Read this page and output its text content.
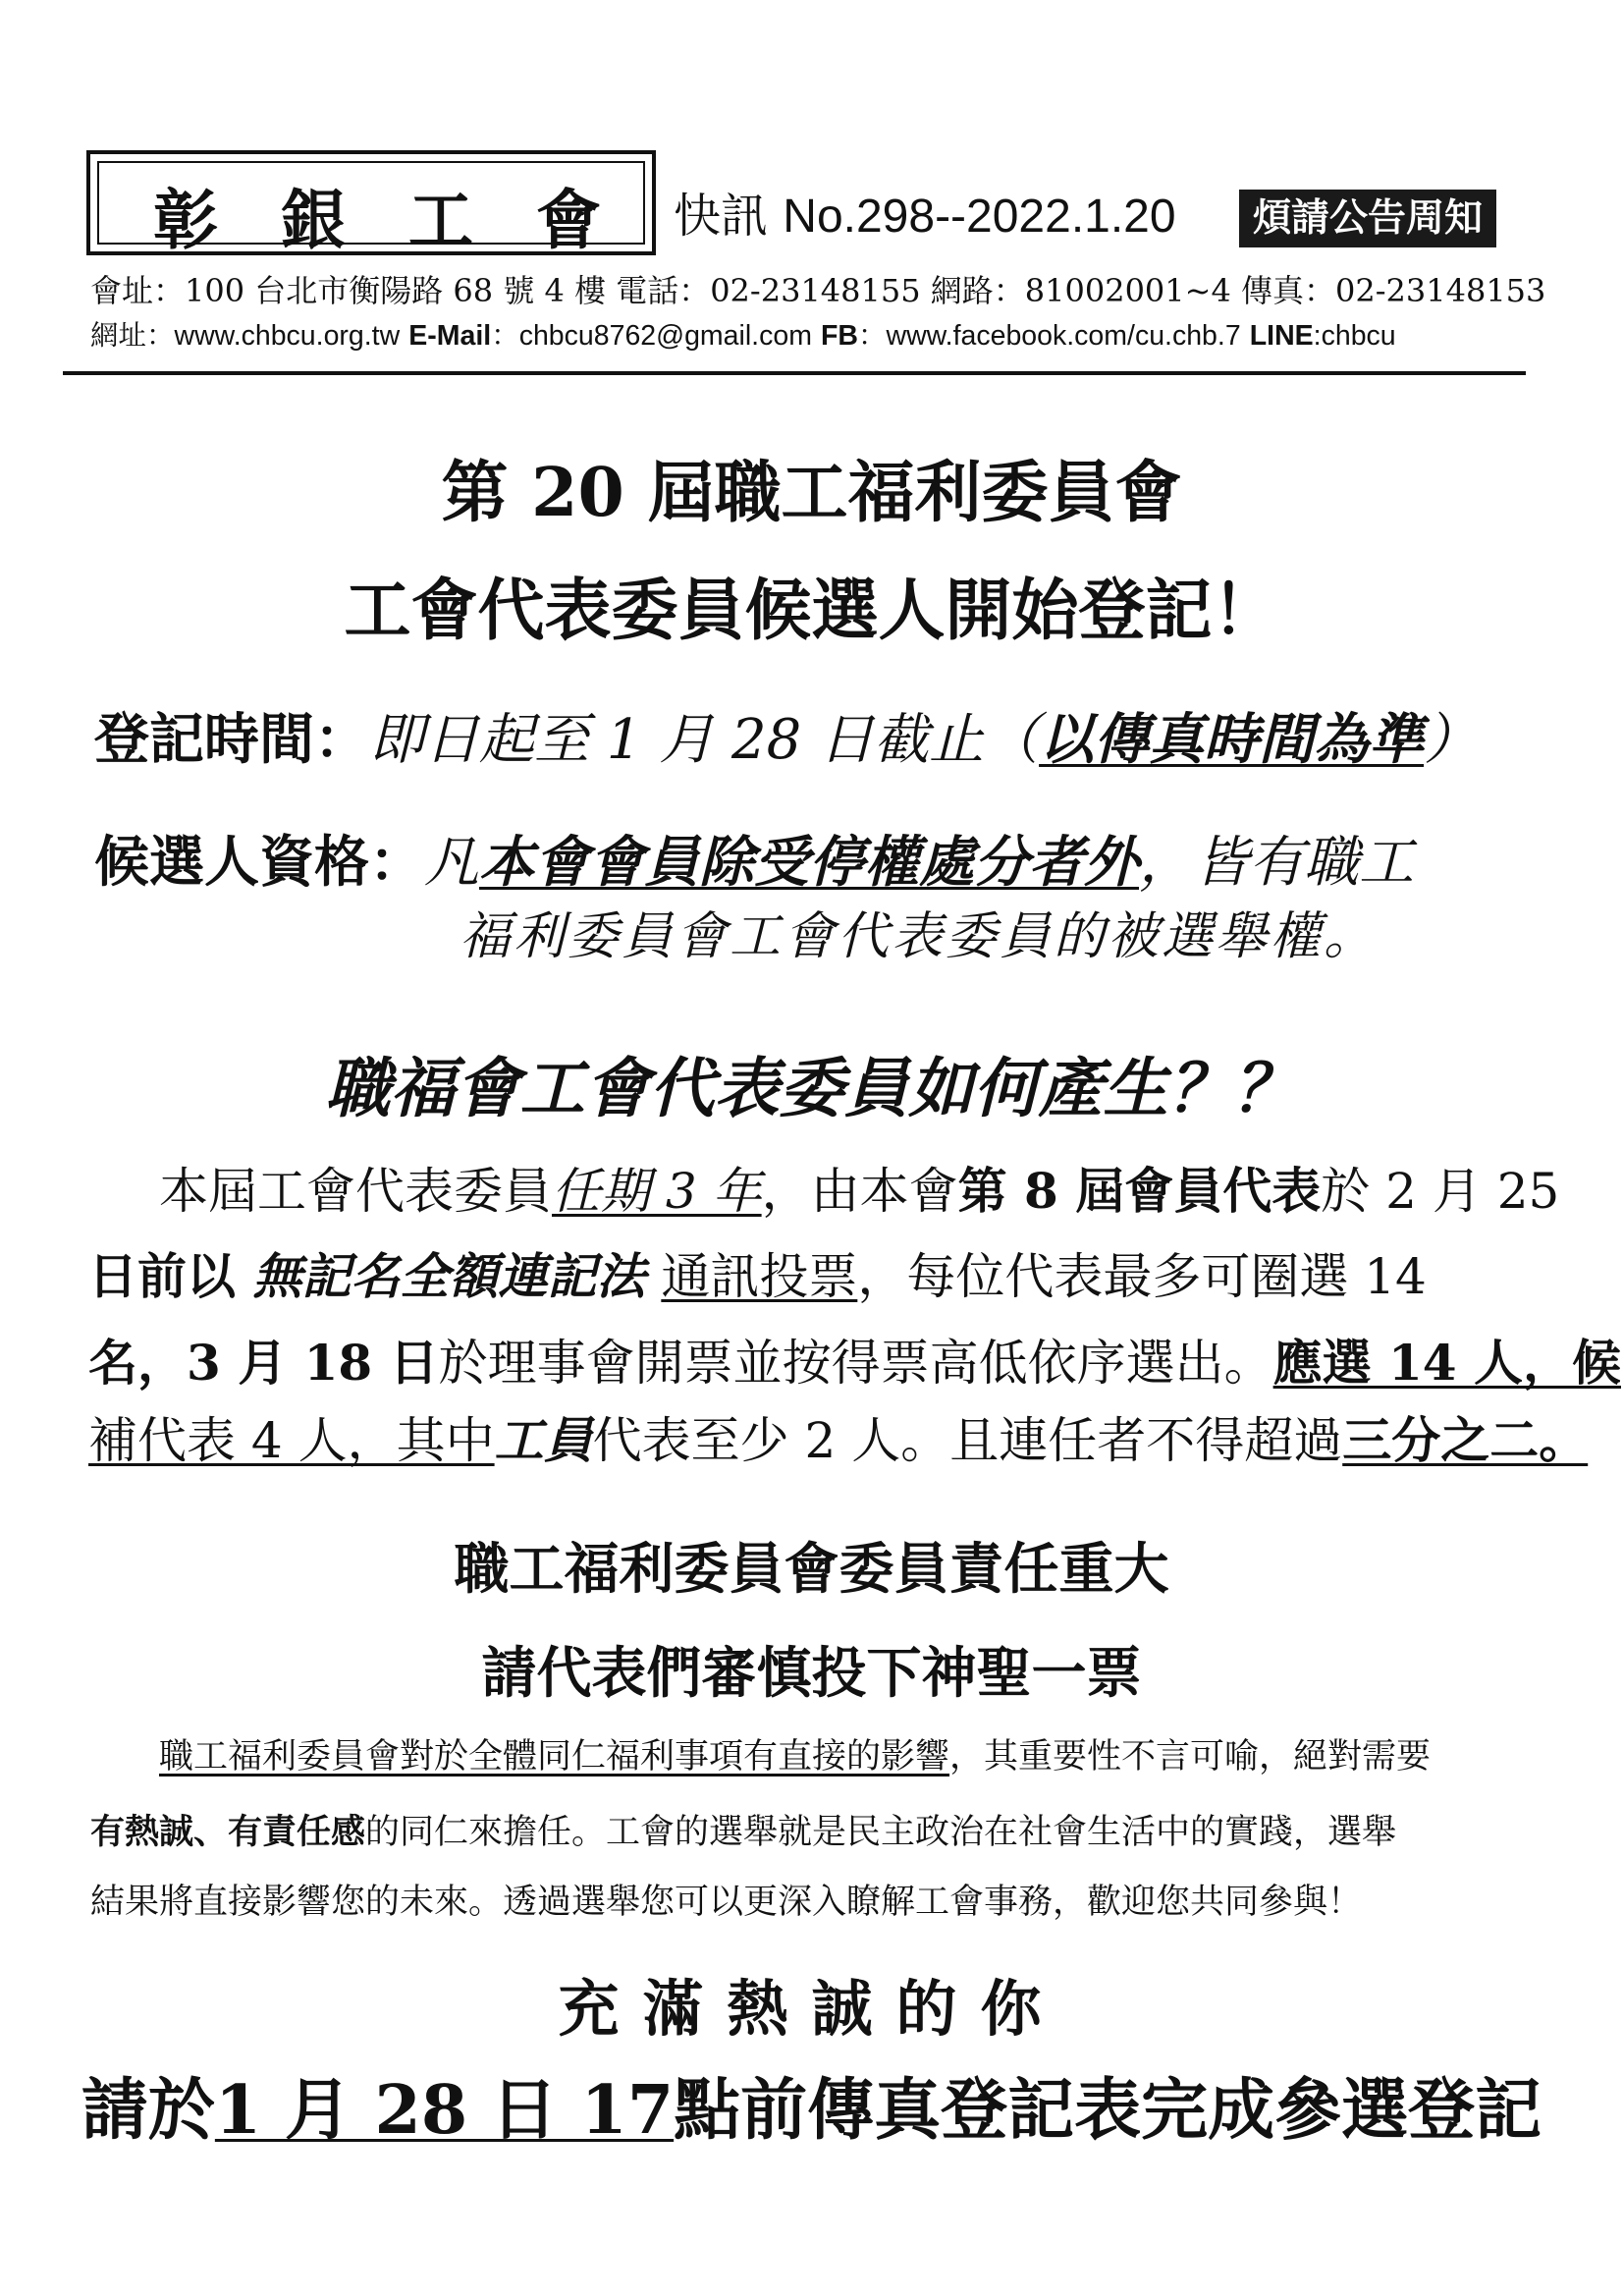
彰銀工會 快訊 No.298--2022.1.20	煩請公告周知
會址：100 台北市衡陽路 68 號 4 樓 電話：02-23148155 網路：81002001~4 傳真：02-23148153
網址：www.chbcu.org.tw E-Mail：chbcu8762@gmail.com FB：www.facebook.com/cu.chb.7 LINE:chbcu
第 20 屆職工福利委員會
工會代表委員候選人開始登記！
登記時間：即日起至 1 月 28 日截止（以傳真時間為準）
候選人資格：凡本會會員除受停權處分者外，皆有職工
福利委員會工會代表委員的被選舉權。
職福會工會代表委員如何產生？？
本屆工會代表委員任期 3 年，由本會第 8 屆會員代表於 2 月 25
日前以 無記名全額連記法 通訊投票，每位代表最多可圈選 14
名，3 月 18 日於理事會開票並按得票高低依序選出。應選 14 人，候
補代表 4 人，其中工員代表至少 2 人。且連任者不得超過三分之二。
職工福利委員會委員責任重大
請代表們審慎投下神聖一票
職工福利委員會對於全體同仁福利事項有直接的影響，其重要性不言可喻，絕對需要
有熱誠、有責任感的同仁來擔任。工會的選舉就是民主政治在社會生活中的實踐，選舉
結果將直接影響您的未來。透過選舉您可以更深入瞭解工會事務，歡迎您共同參與！
充滿熱誠的你
請於1 月 28 日 17點前傳真登記表完成參選登記
